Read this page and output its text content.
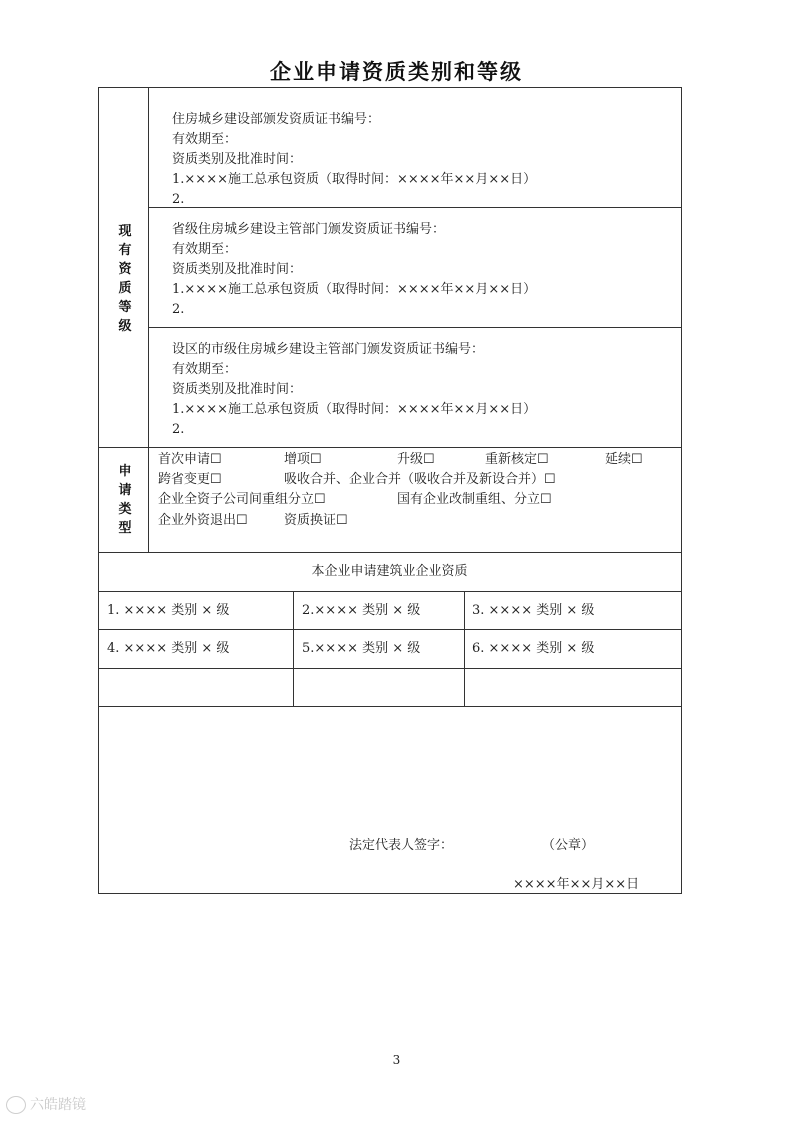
企业申请资质类别和等级
现
有
资
质
等
级
住房城乡建设部颁发资质证书编号：
有效期至：
资质类别及批准时间：
1.××××施工总承包资质（取得时间：××××年××月××日）
2.
省级住房城乡建设主管部门颁发资质证书编号：
有效期至：
资质类别及批准时间：
1.××××施工总承包资质（取得时间：××××年××月××日）
2.
设区的市级住房城乡建设主管部门颁发资质证书编号：
有效期至：
资质类别及批准时间：
1.××××施工总承包资质（取得时间：××××年××月××日）
2.
申
请
类
型
首次申请☐	增项☐	升级☐	重新核定☐	延续☐
跨省变更☐	吸收合并、企业合并（吸收合并及新设合并）☐
企业全资子公司间重组分立☐	国有企业改制重组、分立☐
企业外资退出☐	资质换证☐
本企业申请建筑业企业资质
1. ×××× 类别 × 级	2.×××× 类别 × 级	3. ×××× 类别 × 级
4. ×××× 类别 × 级	5.×××× 类别 × 级	6. ×××× 类别 × 级
法定代表人签字：	（公章）
××××年××月××日
3
六皓踏镜
